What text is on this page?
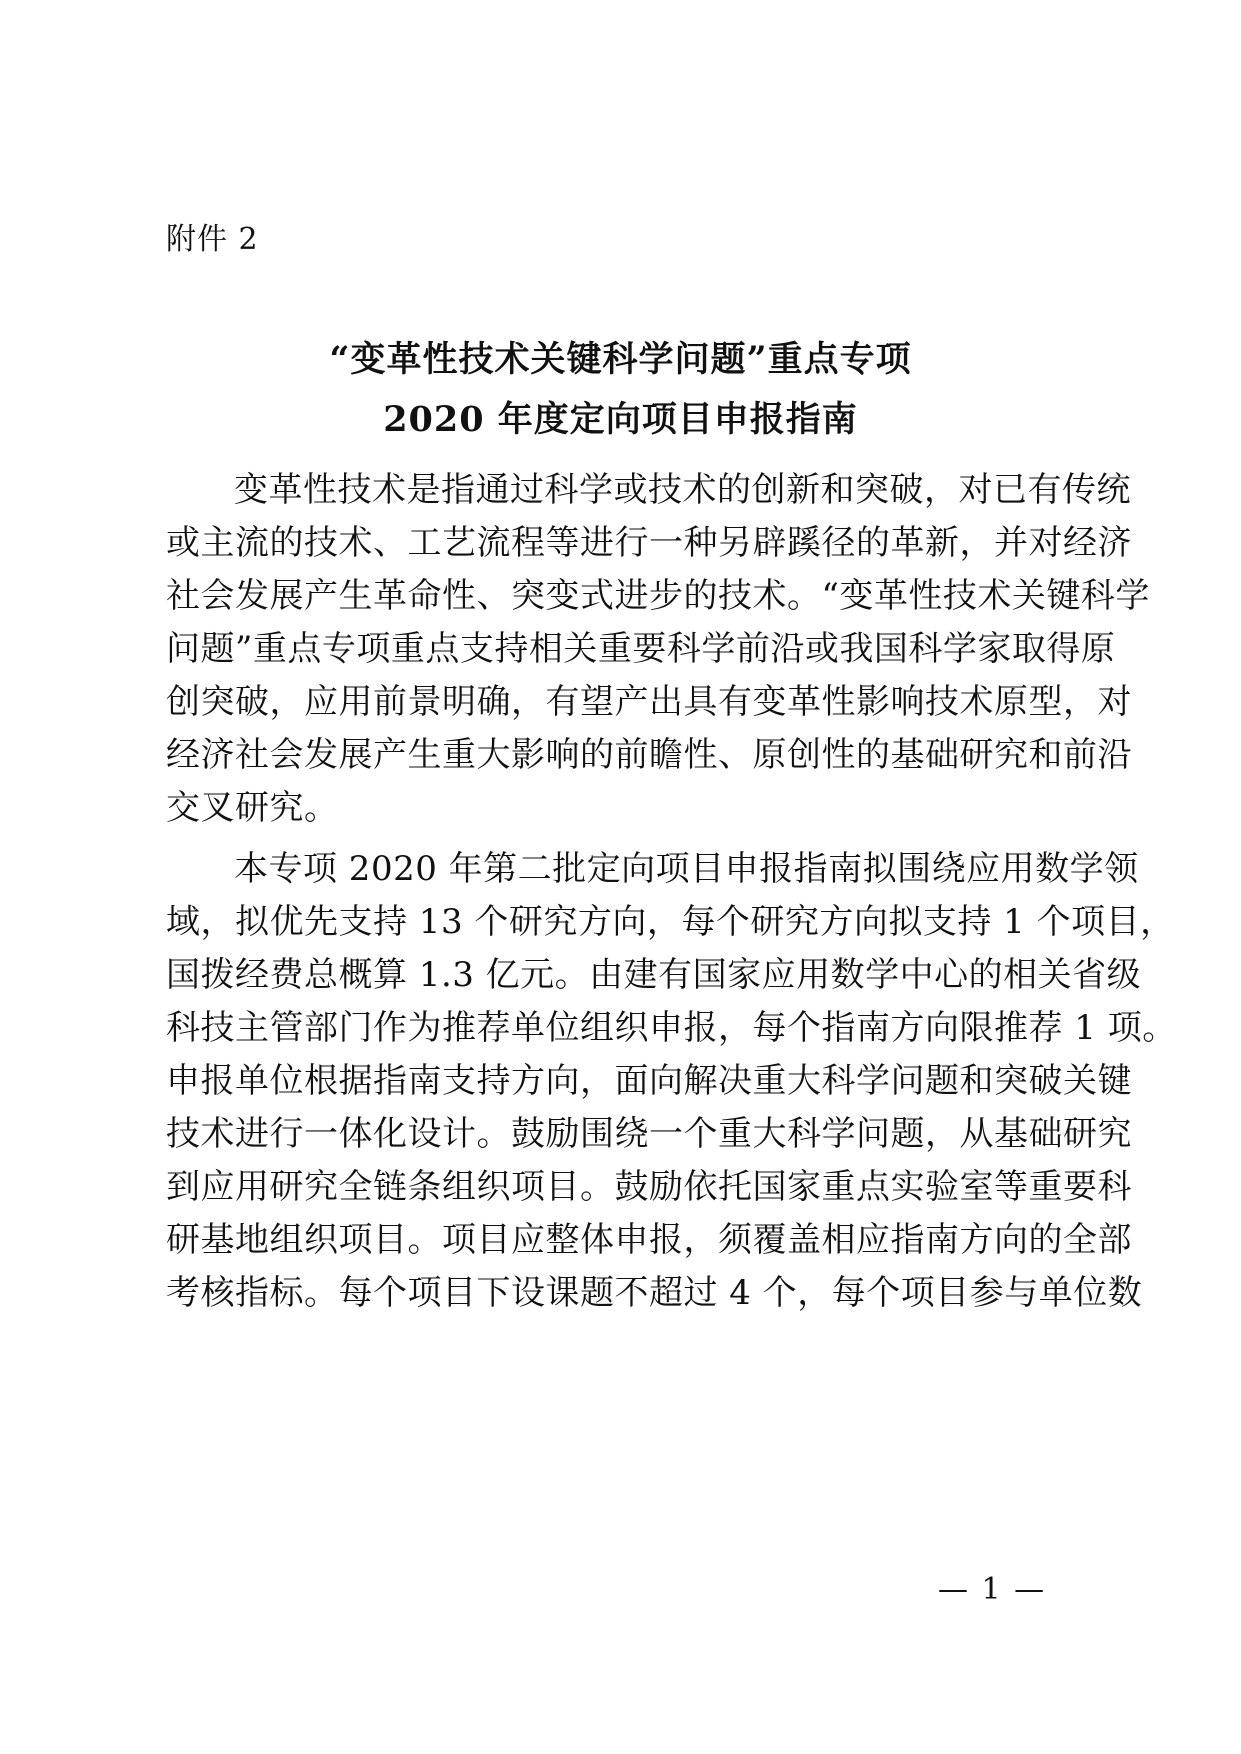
附件 2
“变革性技术关键科学问题”重点专项
2020 年度定向项目申报指南
变革性技术是指通过科学或技术的创新和突破，对已有传统
或主流的技术、工艺流程等进行一种另辟蹊径的革新，并对经济
社会发展产生革命性、突变式进步的技术。“变革性技术关键科学
问题”重点专项重点支持相关重要科学前沿或我国科学家取得原
创突破，应用前景明确，有望产出具有变革性影响技术原型，对
经济社会发展产生重大影响的前瞻性、原创性的基础研究和前沿
交叉研究。
本专项 2020 年第二批定向项目申报指南拟围绕应用数学领
域，拟优先支持 13 个研究方向，每个研究方向拟支持 1 个项目，
国拨经费总概算 1.3 亿元。由建有国家应用数学中心的相关省级
科技主管部门作为推荐单位组织申报，每个指南方向限推荐 1 项。
申报单位根据指南支持方向，面向解决重大科学问题和突破关键
技术进行一体化设计。鼓励围绕一个重大科学问题，从基础研究
到应用研究全链条组织项目。鼓励依托国家重点实验室等重要科
研基地组织项目。项目应整体申报，须覆盖相应指南方向的全部
考核指标。每个项目下设课题不超过 4 个，每个项目参与单位数
— 1 —
